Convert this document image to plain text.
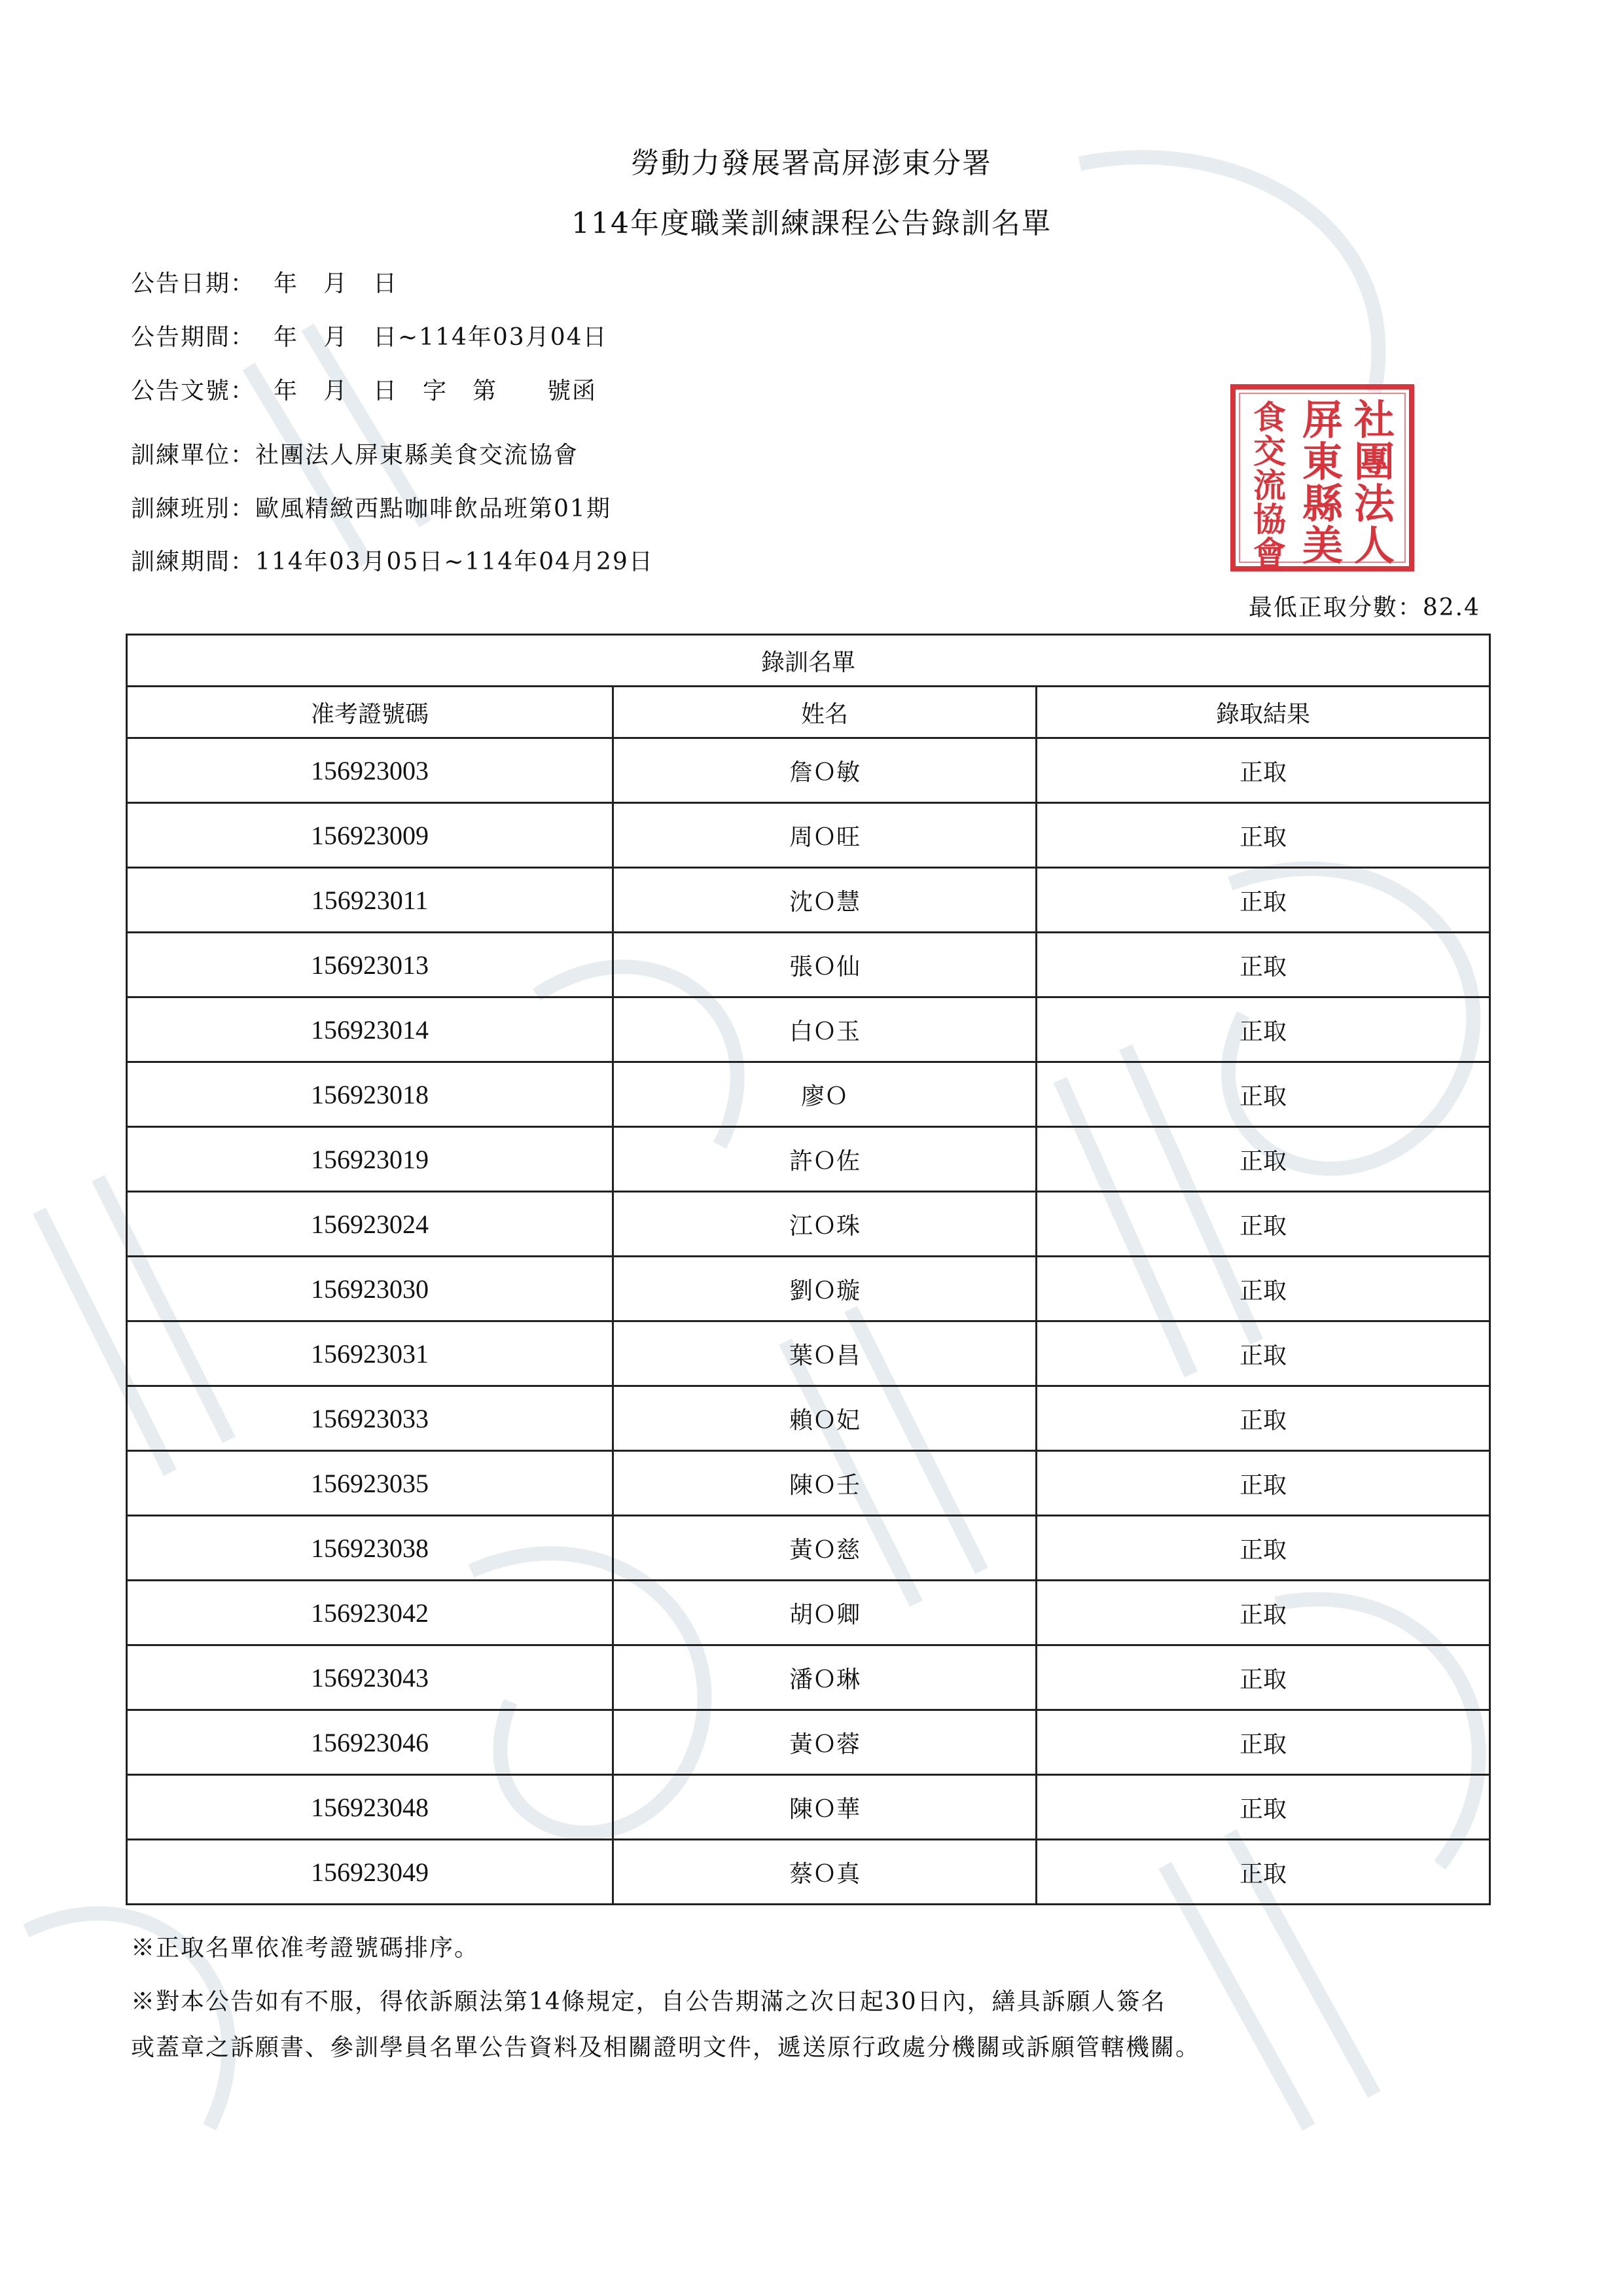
勞動力發展署高屏澎東分署
114年度職業訓練課程公告錄訓名單
公告日期： 年　月　日
公告期間： 年　月　日~114年03月04日
公告文號： 年　月　日　字　第　　號函
訓練單位：社團法人屏東縣美食交流協會
訓練班別：歐風精緻西點咖啡飲品班第01期
訓練期間：114年03月05日~114年04月29日
社
團
法
人
屏
東
縣
美
食
交
流
協
會
最低正取分數：82.4
錄訓名單		
准考證號碼	姓名	錄取結果
156923003	詹Ｏ敏	正取
156923009	周Ｏ旺	正取
156923011	沈Ｏ慧	正取
156923013	張Ｏ仙	正取
156923014	白Ｏ玉	正取
156923018	廖Ｏ	正取
156923019	許Ｏ佐	正取
156923024	江Ｏ珠	正取
156923030	劉Ｏ璇	正取
156923031	葉Ｏ昌	正取
156923033	賴Ｏ妃	正取
156923035	陳Ｏ壬	正取
156923038	黃Ｏ慈	正取
156923042	胡Ｏ卿	正取
156923043	潘Ｏ琳	正取
156923046	黃Ｏ蓉	正取
156923048	陳Ｏ華	正取
156923049	蔡Ｏ真	正取
※正取名單依准考證號碼排序。
※對本公告如有不服，得依訴願法第14條規定，自公告期滿之次日起30日內，繕具訴願人簽名
或蓋章之訴願書、參訓學員名單公告資料及相關證明文件，遞送原行政處分機關或訴願管轄機關。
